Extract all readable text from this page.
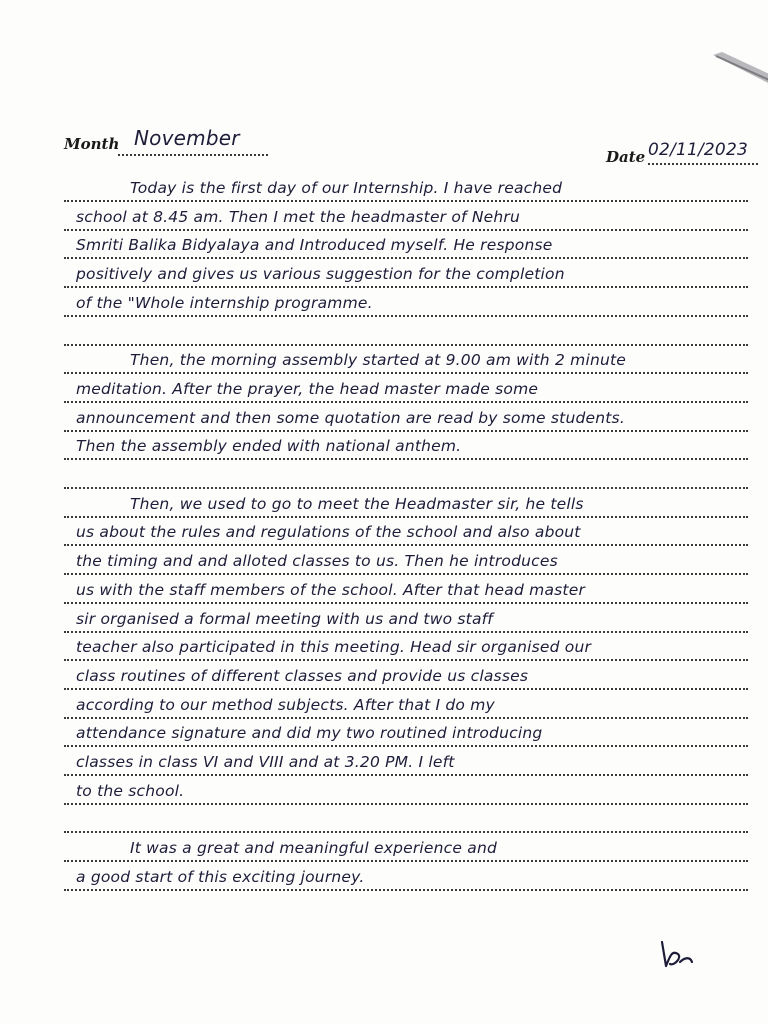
Month November
Date 02/11/2023
Today is the first day of our Internship. I have reached
school at 8.45 am. Then I met the headmaster of Nehru
Smriti Balika Bidyalaya and Introduced myself. He response
positively and gives us various suggestion for the completion
of the "Whole internship programme.
Then, the morning assembly started at 9.00 am with 2 minute
meditation. After the prayer, the head master made some
announcement and then some quotation are read by some students.
Then the assembly ended with national anthem.
Then, we used to go to meet the Headmaster sir, he tells
us about the rules and regulations of the school and also about
the timing and and alloted classes to us. Then he introduces
us with the staff members of the school. After that head master
sir organised a formal meeting with us and two staff
teacher also participated in this meeting. Head sir organised our
class routines of different classes and provide us classes
according to our method subjects. After that I do my
attendance signature and did my two routined introducing
classes in class VI and VIII and at 3.20 PM. I left
to the school.
It was a great and meaningful experience and
a good start of this exciting journey.
